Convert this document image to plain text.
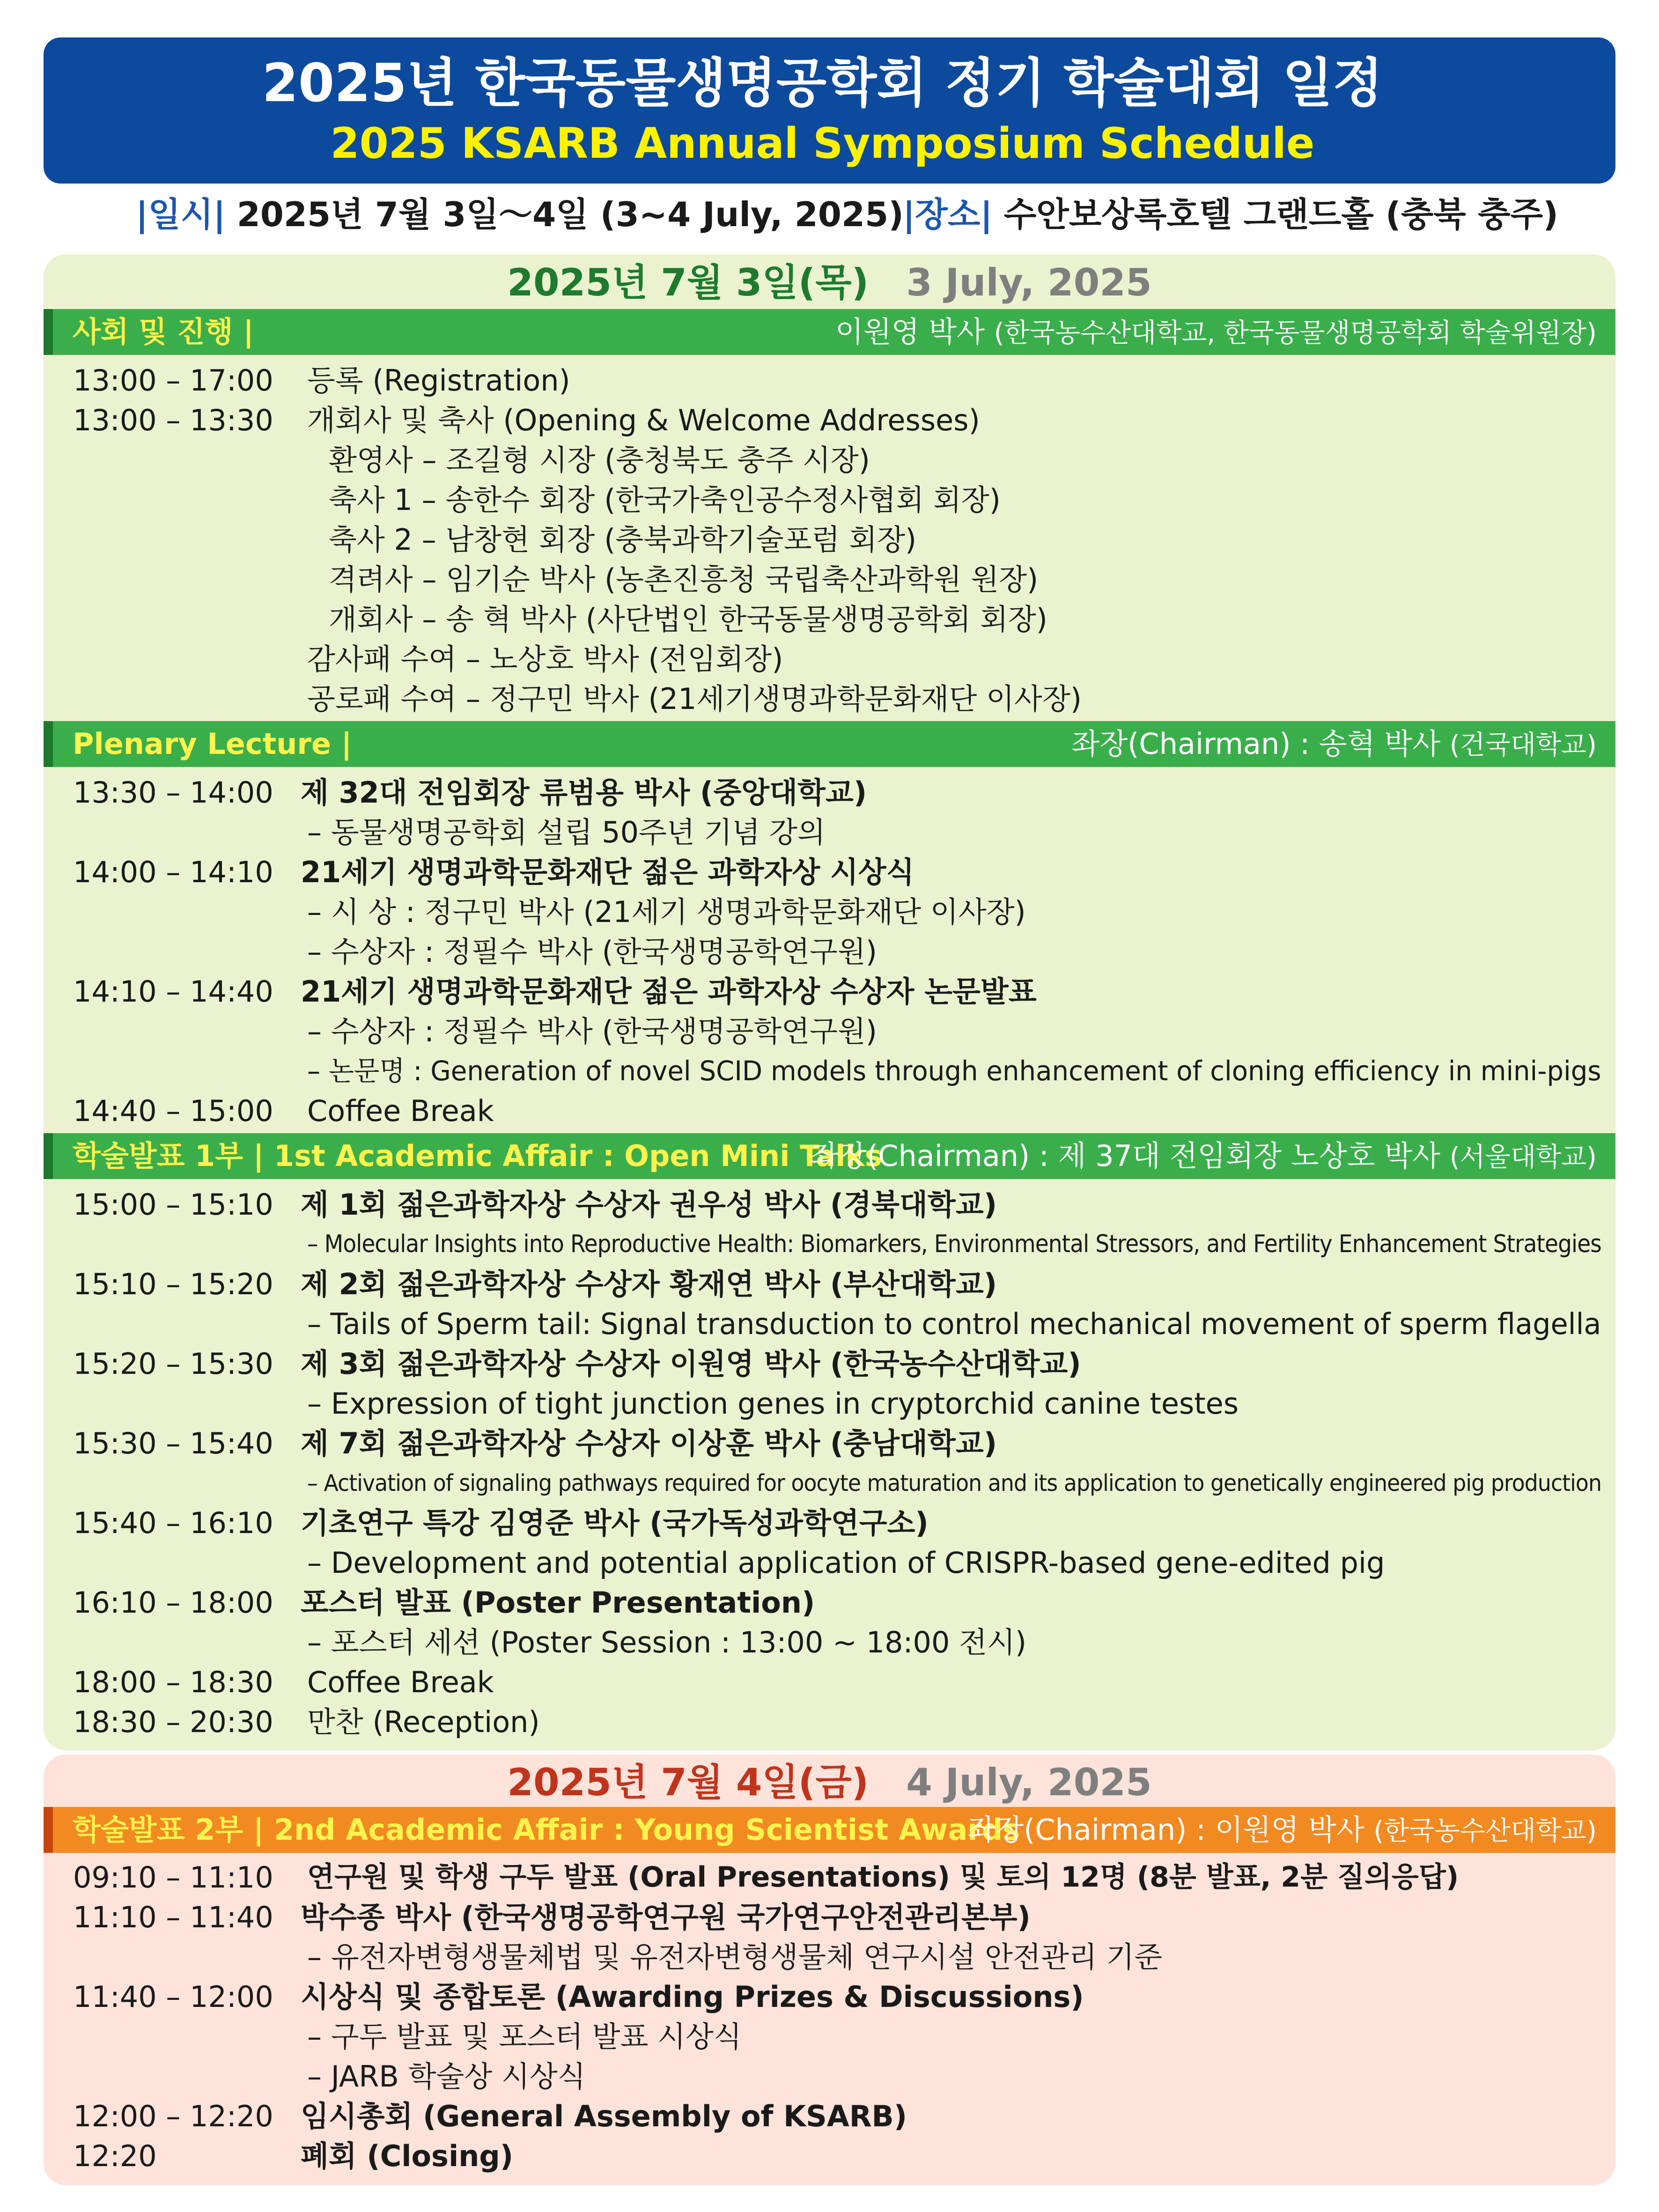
2025년 한국동물생명공학회 정기 학술대회 일정
2025 KSARB Annual Symposium Schedule
|일시| 2025년 7월 3일～4일 (3~4 July, 2025)
|장소| 수안보상록호텔 그랜드홀 (충북 충주)
2025년 7월 3일(목) 3 July, 2025
사회 및 진행 |	이원영 박사 (한국농수산대학교, 한국동물생명공학회 학술위원장)
13:00 – 17:00 등록 (Registration)
13:00 – 13:30 개회사 및 축사 (Opening & Welcome Addresses)
환영사 – 조길형 시장 (충청북도 충주 시장)
축사 1 – 송한수 회장 (한국가축인공수정사협회 회장)
축사 2 – 남창현 회장 (충북과학기술포럼 회장)
격려사 – 임기순 박사 (농촌진흥청 국립축산과학원 원장)
개회사 – 송 혁 박사 (사단법인 한국동물생명공학회 회장)
감사패 수여 – 노상호 박사 (전임회장)
공로패 수여 – 정구민 박사 (21세기생명과학문화재단 이사장)
Plenary Lecture |	좌장(Chairman) : 송혁 박사 (건국대학교)
13:30 – 14:00 제 32대 전임회장 류범용 박사 (중앙대학교)
– 동물생명공학회 설립 50주년 기념 강의
14:00 – 14:10 21세기 생명과학문화재단 젊은 과학자상 시상식
– 시 상 : 정구민 박사 (21세기 생명과학문화재단 이사장)
– 수상자 : 정필수 박사 (한국생명공학연구원)
14:10 – 14:40 21세기 생명과학문화재단 젊은 과학자상 수상자 논문발표
– 수상자 : 정필수 박사 (한국생명공학연구원)
– 논문명 : Generation of novel SCID models through enhancement of cloning efficiency in mini-pigs
14:40 – 15:00 Coffee Break
학술발표 1부 | 1st Academic Affair : Open Mini Talks
좌장(Chairman) : 제 37대 전임회장 노상호 박사 (서울대학교)
15:00 – 15:10 제 1회 젊은과학자상 수상자 권우성 박사 (경북대학교)
– Molecular Insights into Reproductive Health: Biomarkers, Environmental Stressors, and Fertility Enhancement Strategies
15:10 – 15:20 제 2회 젊은과학자상 수상자 황재연 박사 (부산대학교)
– Tails of Sperm tail: Signal transduction to control mechanical movement of sperm flagella
15:20 – 15:30 제 3회 젊은과학자상 수상자 이원영 박사 (한국농수산대학교)
– Expression of tight junction genes in cryptorchid canine testes
15:30 – 15:40 제 7회 젊은과학자상 수상자 이상훈 박사 (충남대학교)
– Activation of signaling pathways required for oocyte maturation and its application to genetically engineered pig production
15:40 – 16:10 기초연구 특강 김영준 박사 (국가독성과학연구소)
– Development and potential application of CRISPR-based gene-edited pig
16:10 – 18:00 포스터 발표 (Poster Presentation)
– 포스터 세션 (Poster Session : 13:00 ~ 18:00 전시)
18:00 – 18:30 Coffee Break
18:30 – 20:30 만찬 (Reception)
2025년 7월 4일(금) 4 July, 2025
학술발표 2부 | 2nd Academic Affair : Young Scientist Awards
좌장(Chairman) : 이원영 박사 (한국농수산대학교)
09:10 – 11:10 연구원 및 학생 구두 발표 (Oral Presentations) 및 토의 12명 (8분 발표, 2분 질의응답)
11:10 – 11:40 박수종 박사 (한국생명공학연구원 국가연구안전관리본부)
– 유전자변형생물체법 및 유전자변형생물체 연구시설 안전관리 기준
11:40 – 12:00 시상식 및 종합토론 (Awarding Prizes & Discussions)
– 구두 발표 및 포스터 발표 시상식
– JARB 학술상 시상식
12:00 – 12:20 임시총회 (General Assembly of KSARB)
12:20	폐회 (Closing)
